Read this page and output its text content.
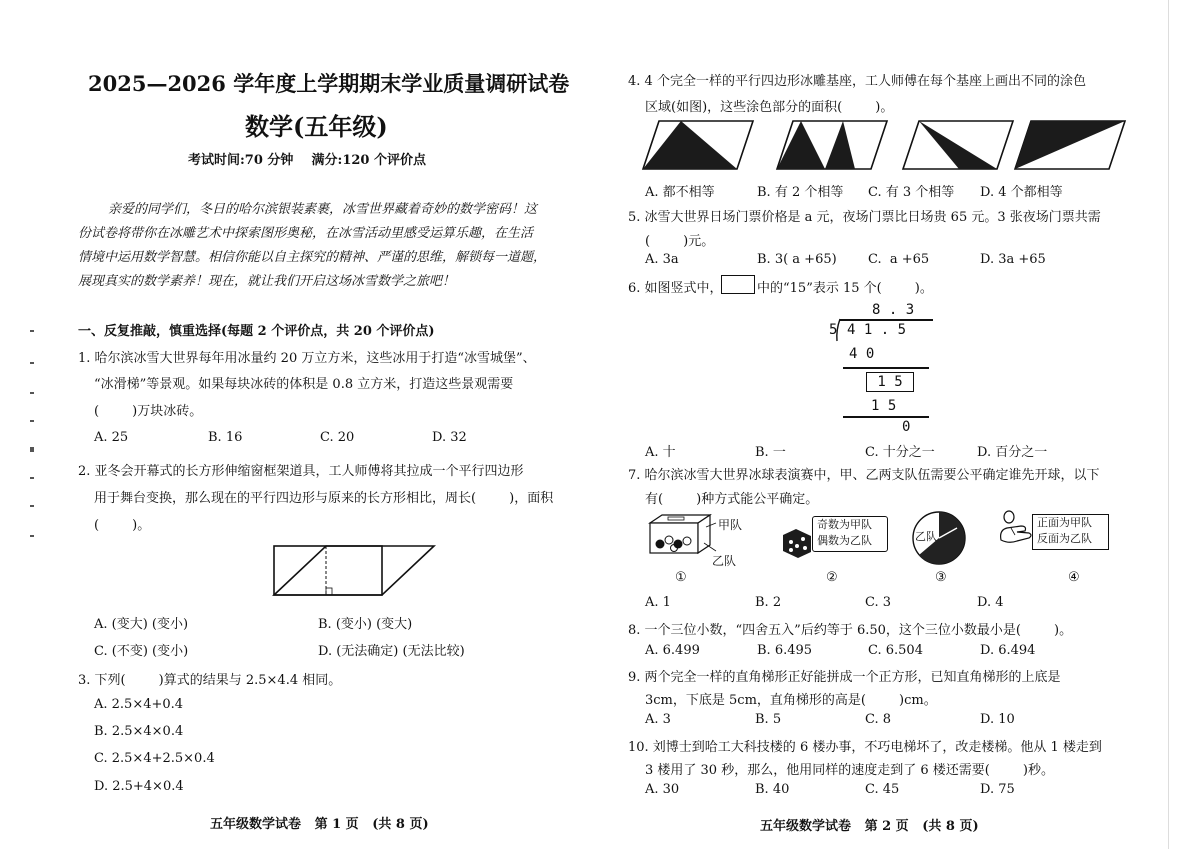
2025—2026 学年度上学期期末学业质量调研试卷
数学(五年级)
考试时间:70 分钟    满分:120 个评价点
亲爱的同学们，冬日的哈尔滨银装素裹，冰雪世界藏着奇妙的数学密码！这
份试卷将带你在冰雕艺术中探索图形奥秘，在冰雪活动里感受运算乐趣，在生活
情境中运用数学智慧。相信你能以自主探究的精神、严谨的思维，解锁每一道题，
展现真实的数学素养！现在，就让我们开启这场冰雪数学之旅吧！
一、反复推敲，慎重选择(每题 2 个评价点，共 20 个评价点)
1. 哈尔滨冰雪大世界每年用冰量约 20 万立方米，这些冰用于打造“冰雪城堡”、
“冰滑梯”等景观。如果每块冰砖的体积是 0.8 立方米，打造这些景观需要
(        )万块冰砖。
A. 25	B. 16	C. 20	D. 32
2. 亚冬会开幕式的长方形伸缩窗框架道具，工人师傅将其拉成一个平行四边形
用于舞台变换，那么现在的平行四边形与原来的长方形相比，周长(        )，面积
(        )。
A. (变大) (变小)	B. (变小) (变大)
C. (不变) (变小)	D. (无法确定) (无法比较)
3. 下列(        )算式的结果与 2.5×4.4 相同。
A. 2.5×4+0.4
B. 2.5×4×0.4
C. 2.5×4+2.5×0.4
D. 2.5+4×0.4
五年级数学试卷   第 1 页   (共 8 页)
4. 4 个完全一样的平行四边形冰雕基座，工人师傅在每个基座上画出不同的涂色
区域(如图)，这些涂色部分的面积(        )。
A. 都不相等	B. 有 2 个相等 C. 有 3 个相等 D. 4 个都相等
5. 冰雪大世界日场门票价格是 a 元，夜场门票比日场贵 65 元。3 张夜场门票共需
(        )元。
A. 3a	B. 3( a +65) C.  a +65	D. 3a +65
6. 如图竖式中，	中的“15”表示 15 个(        )。
8 . 3
5 4 1 . 5
4 0
1 5
1 5
0
A. 十	B. 一	C. 十分之一	D. 百分之一
7. 哈尔滨冰雪大世界冰球表演赛中，甲、乙两支队伍需要公平确定谁先开球，以下
有(        )种方式能公平确定。
甲队
乙队
奇数为甲队
偶数为乙队	乙队
正面为甲队
反面为乙队
①	②	③	④
A. 1	B. 2	C. 3	D. 4
8. 一个三位小数，“四舍五入”后约等于 6.50，这个三位小数最小是(        )。
A. 6.499	B. 6.495	C. 6.504	D. 6.494
9. 两个完全一样的直角梯形正好能拼成一个正方形，已知直角梯形的上底是
3cm，下底是 5cm，直角梯形的高是(        )cm。
A. 3	B. 5	C. 8	D. 10
10. 刘博士到哈工大科技楼的 6 楼办事，不巧电梯坏了，改走楼梯。他从 1 楼走到
3 楼用了 30 秒，那么，他用同样的速度走到了 6 楼还需要(        )秒。
A. 30	B. 40	C. 45	D. 75
五年级数学试卷   第 2 页   (共 8 页)
